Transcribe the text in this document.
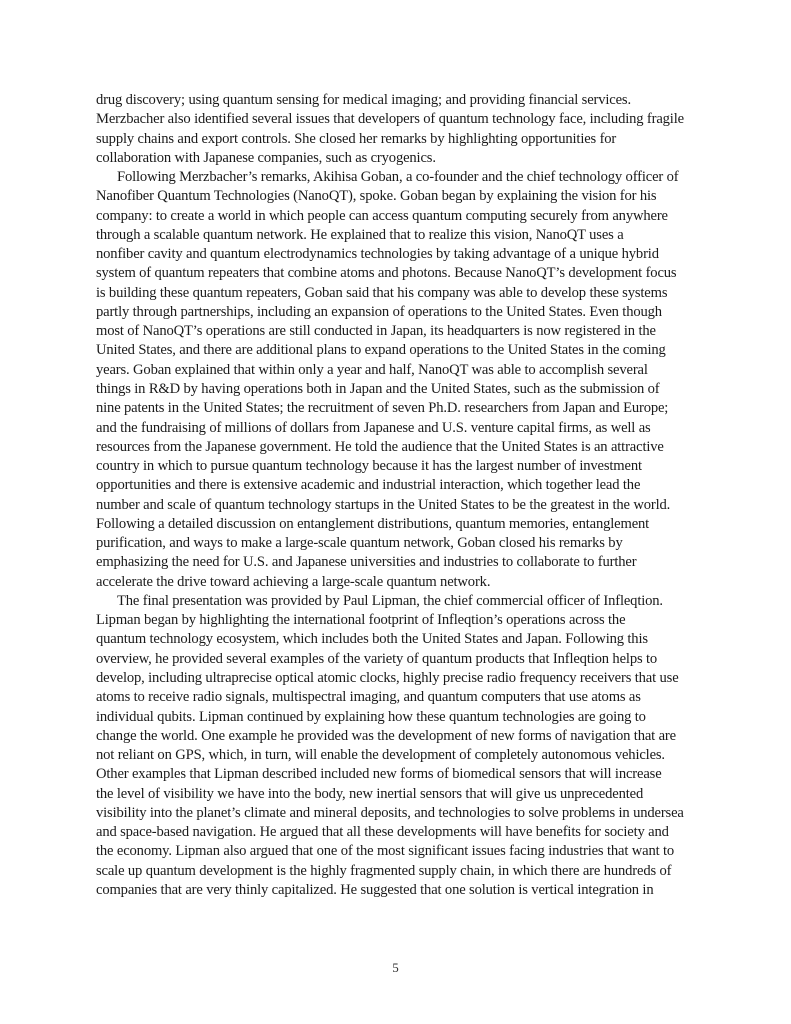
drug discovery; using quantum sensing for medical imaging; and providing financial services.
Merzbacher also identified several issues that developers of quantum technology face, including fragile
supply chains and export controls. She closed her remarks by highlighting opportunities for
collaboration with Japanese companies, such as cryogenics.
Following Merzbacher’s remarks, Akihisa Goban, a co-founder and the chief technology officer of
Nanofiber Quantum Technologies (NanoQT), spoke. Goban began by explaining the vision for his
company: to create a world in which people can access quantum computing securely from anywhere
through a scalable quantum network. He explained that to realize this vision, NanoQT uses a
nonfiber cavity and quantum electrodynamics technologies by taking advantage of a unique hybrid
system of quantum repeaters that combine atoms and photons. Because NanoQT’s development focus
is building these quantum repeaters, Goban said that his company was able to develop these systems
partly through partnerships, including an expansion of operations to the United States. Even though
most of NanoQT’s operations are still conducted in Japan, its headquarters is now registered in the
United States, and there are additional plans to expand operations to the United States in the coming
years. Goban explained that within only a year and half, NanoQT was able to accomplish several
things in R&D by having operations both in Japan and the United States, such as the submission of
nine patents in the United States; the recruitment of seven Ph.D. researchers from Japan and Europe;
and the fundraising of millions of dollars from Japanese and U.S. venture capital firms, as well as
resources from the Japanese government. He told the audience that the United States is an attractive
country in which to pursue quantum technology because it has the largest number of investment
opportunities and there is extensive academic and industrial interaction, which together lead the
number and scale of quantum technology startups in the United States to be the greatest in the world.
Following a detailed discussion on entanglement distributions, quantum memories, entanglement
purification, and ways to make a large-scale quantum network, Goban closed his remarks by
emphasizing the need for U.S. and Japanese universities and industries to collaborate to further
accelerate the drive toward achieving a large-scale quantum network.
The final presentation was provided by Paul Lipman, the chief commercial officer of Infleqtion.
Lipman began by highlighting the international footprint of Infleqtion’s operations across the
quantum technology ecosystem, which includes both the United States and Japan. Following this
overview, he provided several examples of the variety of quantum products that Infleqtion helps to
develop, including ultraprecise optical atomic clocks, highly precise radio frequency receivers that use
atoms to receive radio signals, multispectral imaging, and quantum computers that use atoms as
individual qubits. Lipman continued by explaining how these quantum technologies are going to
change the world. One example he provided was the development of new forms of navigation that are
not reliant on GPS, which, in turn, will enable the development of completely autonomous vehicles.
Other examples that Lipman described included new forms of biomedical sensors that will increase
the level of visibility we have into the body, new inertial sensors that will give us unprecedented
visibility into the planet’s climate and mineral deposits, and technologies to solve problems in undersea
and space-based navigation. He argued that all these developments will have benefits for society and
the economy. Lipman also argued that one of the most significant issues facing industries that want to
scale up quantum development is the highly fragmented supply chain, in which there are hundreds of
companies that are very thinly capitalized. He suggested that one solution is vertical integration in
5
